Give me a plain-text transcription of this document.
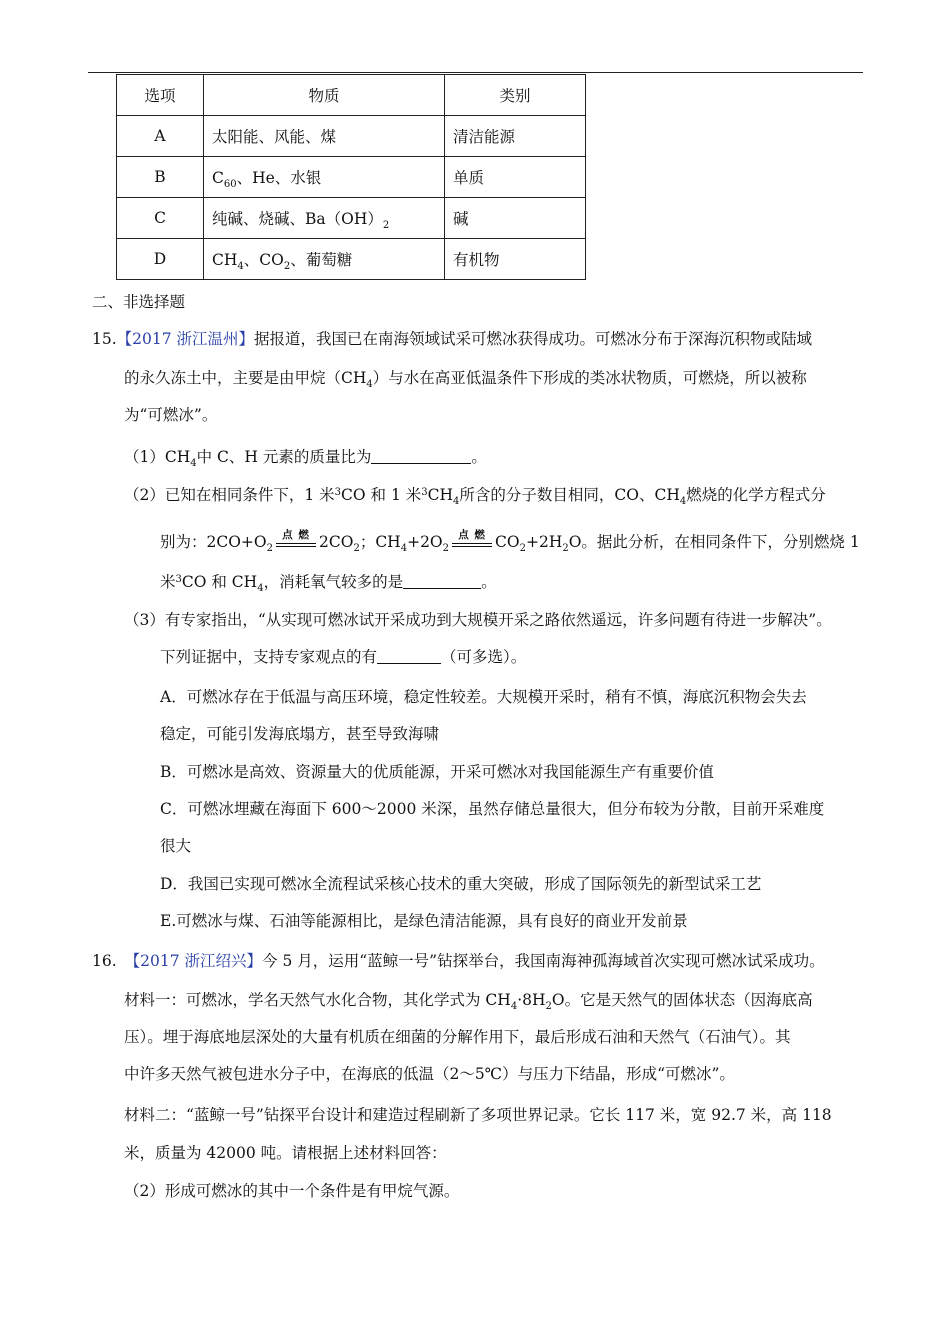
选项	物质	类别
A	太阳能、风能、煤	清洁能源
B	$C_{60}$、He、水银	单质
C	纯碱、烧碱、$Ba(OH)_2$	碱
D	$CH_4$、$CO_2$、葡萄糖	有机物
二、非选择题
15.【2017 浙江温州】据报道，我国已在南海领域试采可燃冰获得成功。可燃冰分布于深海沉积物或陆域
的永久冻土中，主要是由甲烷$(CH_4)$与水在高亚低温条件下形成的类冰状物质，可燃烧，所以被称
为“可燃冰”。
$(1)CH_4$中 C、H 元素的质量比为	。
（2）已知在相同条件下，1 米$^3$CO 和 1 米$^3CH_4$所含的分子数目相同，CO、$CH_4$燃烧的化学方程式分
别为：$2CO+O_2$
点 燃 $2CO_2$；$CH_4+2O_2$
点 燃 $CO_2+2H_2O$。据此分析，在相同条件下，分别燃烧 1
米$^3$CO 和 $CH_4$，消耗氧气较多的是	。
（3）有专家指出，“从实现可燃冰试开采成功到大规模开采之路依然遥远，许多问题有待进一步解决”。
下列证据中，支持专家观点的有	（可多选）。
A．可燃冰存在于低温与高压环境，稳定性较差。大规模开采时，稍有不慎，海底沉积物会失去
稳定，可能引发海底塌方，甚至导致海啸
B．可燃冰是高效、资源量大的优质能源，开采可燃冰对我国能源生产有重要价值
C．可燃冰埋藏在海面下 600～2000 米深，虽然存储总量很大，但分布较为分散，目前开采难度
很大
D．我国已实现可燃冰全流程试采核心技术的重大突破，形成了国际领先的新型试采工艺
E.可燃冰与煤、石油等能源相比，是绿色清洁能源，具有良好的商业开发前景
16. 【2017 浙江绍兴】今 5 月，运用“蓝鲸一号”钻探举台，我国南海神孤海域首次实现可燃冰试采成功。
材料一：可燃冰，学名天然气水化合物，其化学式为 $CH_4\cdot 8H_2O$。它是天然气的固体状态（因海底高
压）。埋于海底地层深处的大量有机质在细菌的分解作用下，最后形成石油和天然气（石油气）。其
中许多天然气被包进水分子中，在海底的低温（2～5℃）与压力下结晶，形成“可燃冰”。
材料二：“蓝鲸一号”钻探平台设计和建造过程刷新了多项世界记录。它长 117 米，宽 92.7 米，高 118
米，质量为 42000 吨。请根据上述材料回答：
（2）形成可燃冰的其中一个条件是有甲烷气源。
